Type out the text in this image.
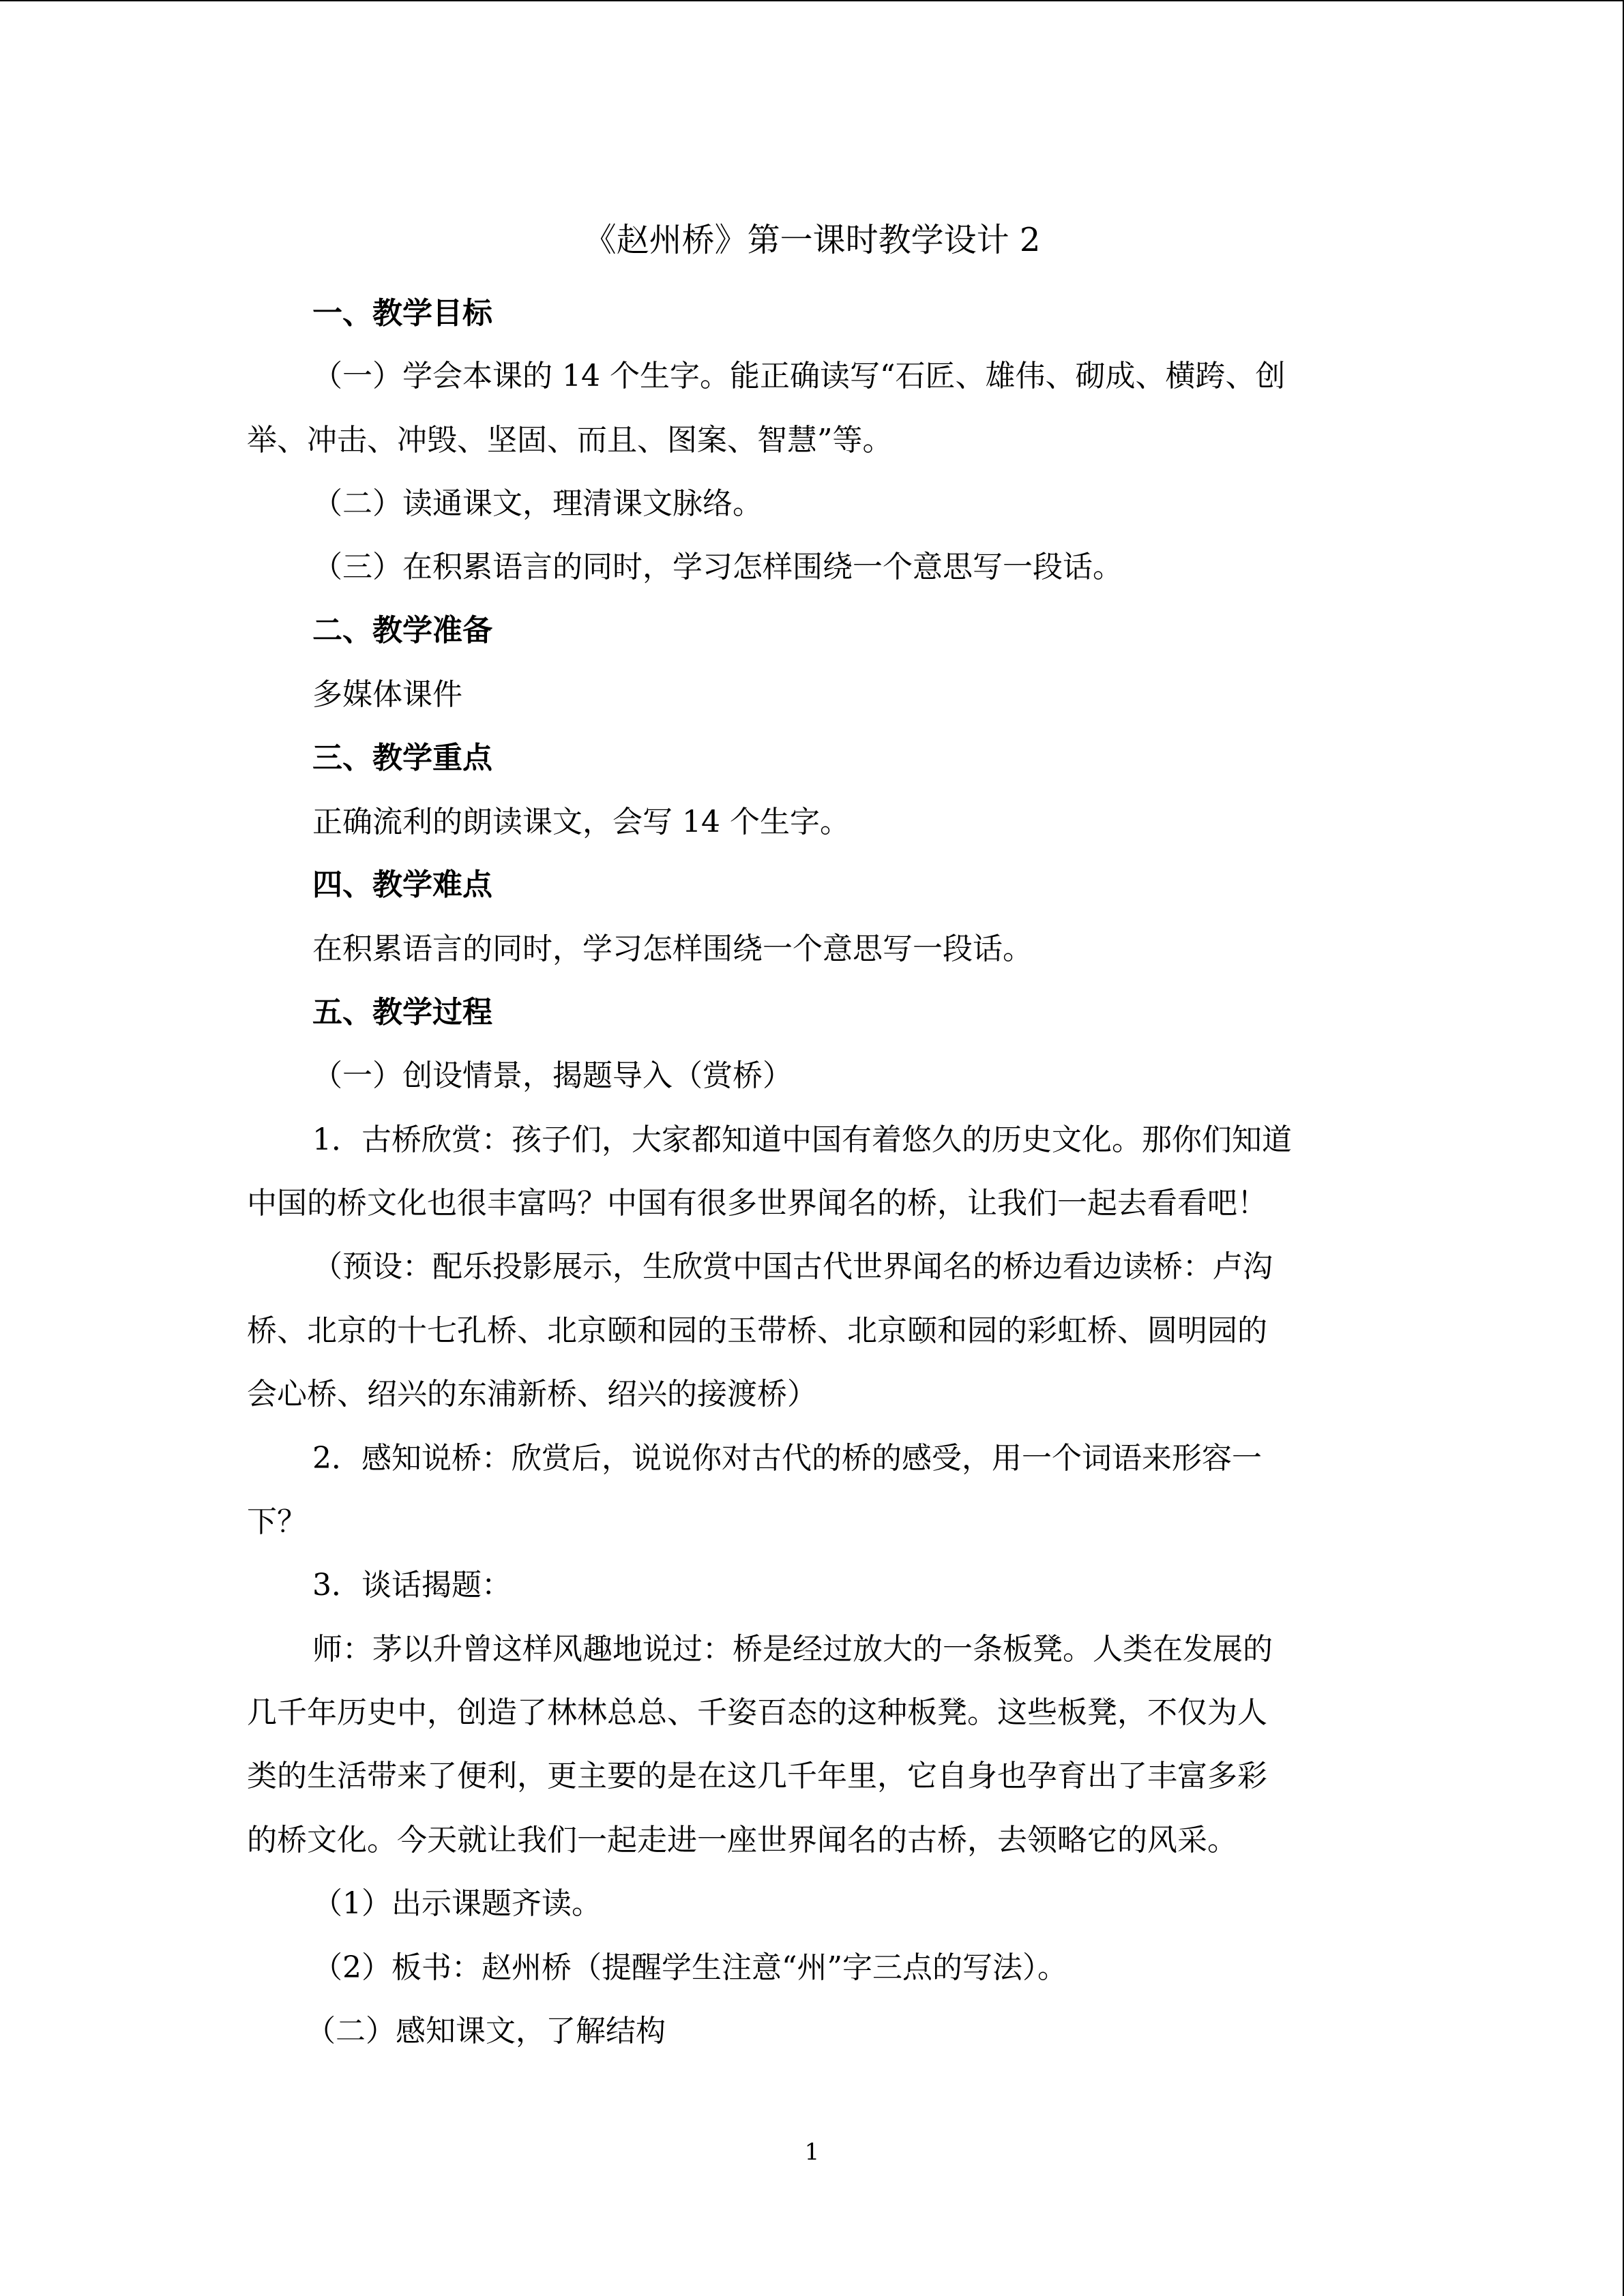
《赵州桥》第一课时教学设计 2
一、教学目标
（一）学会本课的 14 个生字。能正确读写“石匠、雄伟、砌成、横跨、创
举、冲击、冲毁、坚固、而且、图案、智慧”等。
（二）读通课文，理清课文脉络。
（三）在积累语言的同时，学习怎样围绕一个意思写一段话。
二、教学准备
多媒体课件
三、教学重点
正确流利的朗读课文，会写 14 个生字。
四、教学难点
在积累语言的同时，学习怎样围绕一个意思写一段话。
五、教学过程
（一）创设情景，揭题导入（赏桥）
1．古桥欣赏：孩子们，大家都知道中国有着悠久的历史文化。那你们知道
中国的桥文化也很丰富吗？中国有很多世界闻名的桥，让我们一起去看看吧！
（预设：配乐投影展示，生欣赏中国古代世界闻名的桥边看边读桥：卢沟
桥、北京的十七孔桥、北京颐和园的玉带桥、北京颐和园的彩虹桥、圆明园的
会心桥、绍兴的东浦新桥、绍兴的接渡桥）
2．感知说桥：欣赏后，说说你对古代的桥的感受，用一个词语来形容一
下？
3．谈话揭题：
师：茅以升曾这样风趣地说过：桥是经过放大的一条板凳。人类在发展的
几千年历史中，创造了林林总总、千姿百态的这种板凳。这些板凳，不仅为人
类的生活带来了便利，更主要的是在这几千年里，它自身也孕育出了丰富多彩
的桥文化。今天就让我们一起走进一座世界闻名的古桥，去领略它的风采。
（1）出示课题齐读。
（2）板书：赵州桥（提醒学生注意“州”字三点的写法）。
（二）感知课文，了解结构
1
